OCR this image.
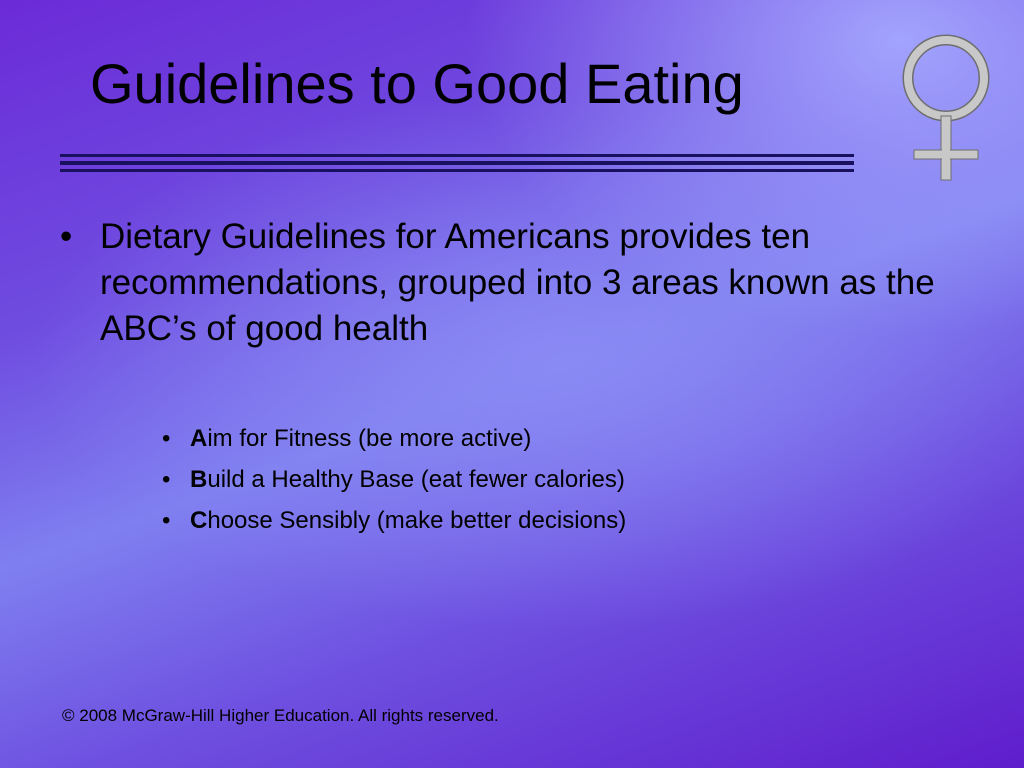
Guidelines to Good Eating
• Dietary Guidelines for Americans provides ten recommendations, grouped into 3 areas known as the ABC’s of good health
• A im for Fitness (be more active)
• B uild a Healthy Base (eat fewer calories)
• C hoose Sensibly (make better decisions)
© 2008 McGraw-Hill Higher Education. All rights reserved.
